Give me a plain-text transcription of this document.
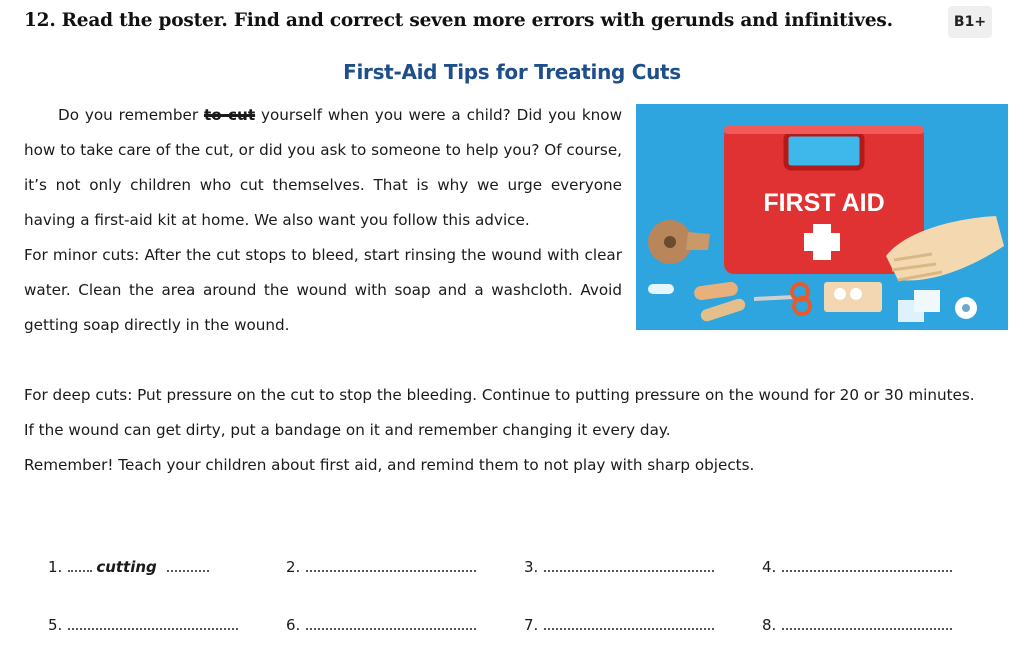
12. Read the poster. Find and correct seven more errors with gerunds and infinitives.	B1+
First-Aid Tips for Treating Cuts

Do you remember to cut yourself when you were a child? Did you know how to take care of the cut, or did you ask to someone to help you? Of course, it’s not only children who cut themselves. That is why we urge everyone having a first-aid kit at home. We also want you follow this advice.

For minor cuts: After the cut stops to bleed, start rinsing the wound with clear water. Clean the area around the wound with soap and a washcloth. Avoid getting soap directly in the wound.

FIRST AID

For deep cuts: Put pressure on the cut to stop the bleeding. Continue to putting pressure on the wound for 20 or 30 minutes.

If the wound can get dirty, put a bandage on it and remember changing it every day.

Remember! Teach your children about first aid, and remind them to not play with sharp objects.

1. cutting	2.	3.	4.
5.	6.	7.	8.
